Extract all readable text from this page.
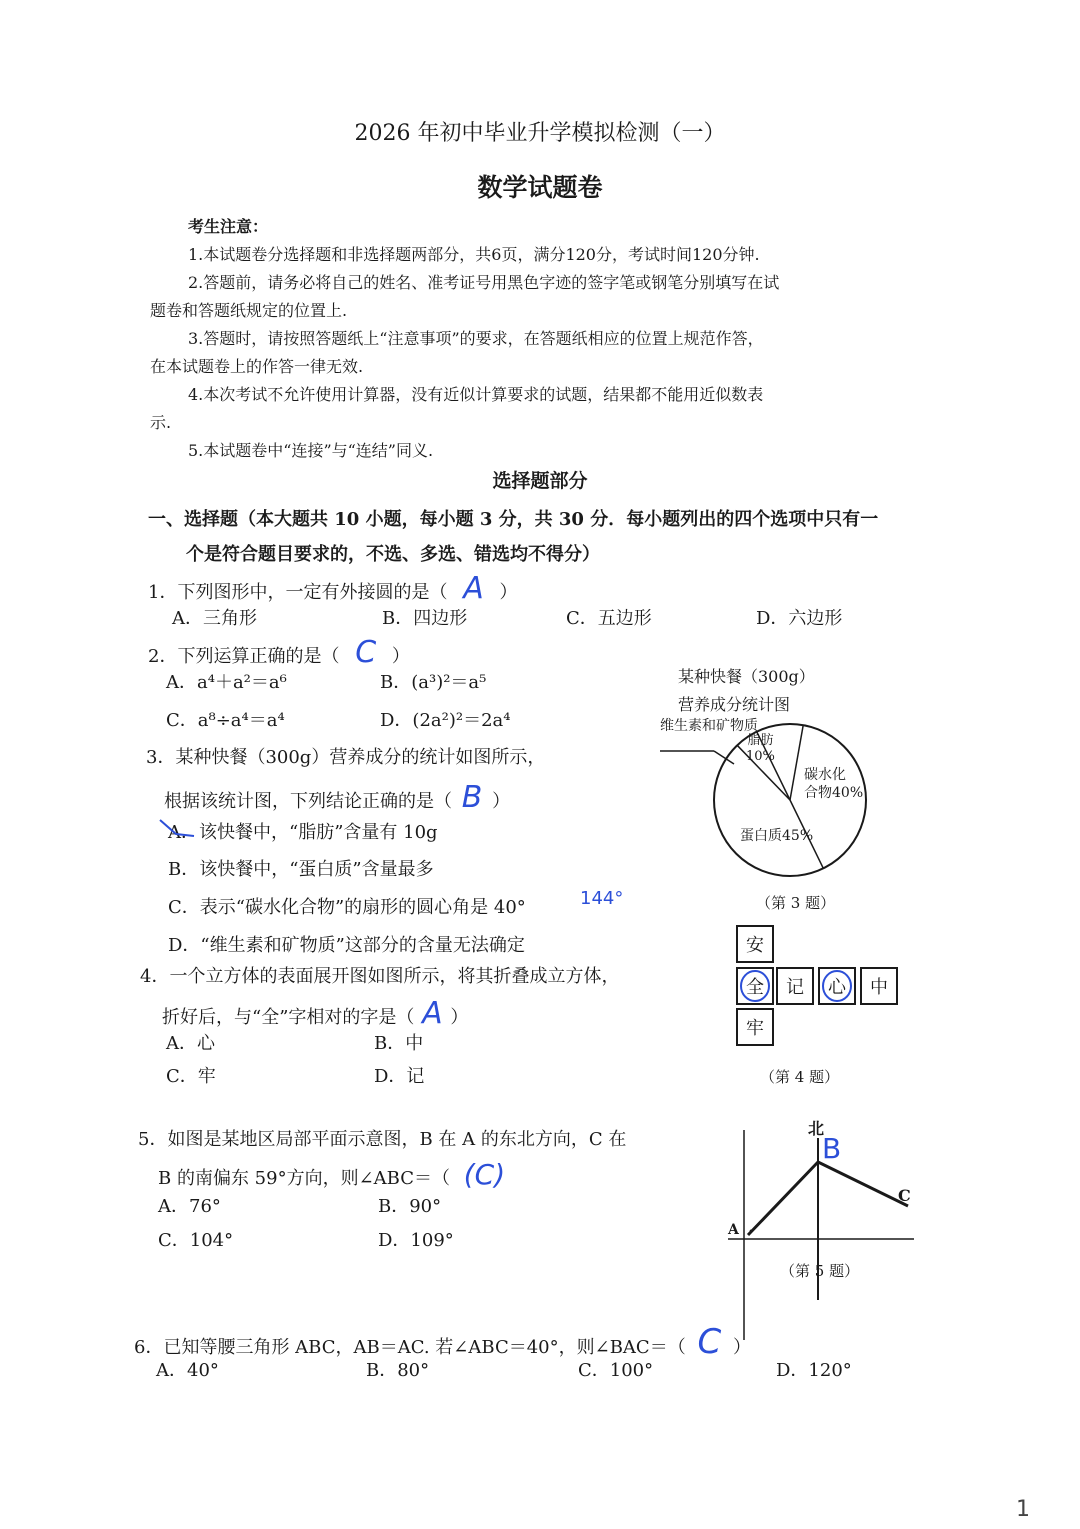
2026 年初中毕业升学模拟检测（一）
数学试题卷
考生注意：
1.本试题卷分选择题和非选择题两部分，共6页，满分120分，考试时间120分钟.
2.答题前，请务必将自己的姓名、准考证号用黑色字迹的签字笔或钢笔分别填写在试
题卷和答题纸规定的位置上.
3.答题时，请按照答题纸上“注意事项”的要求，在答题纸相应的位置上规范作答，
在本试题卷上的作答一律无效.
4.本次考试不允许使用计算器，没有近似计算要求的试题，结果都不能用近似数表
示.
5.本试题卷中“连接”与“连结”同义.
选择题部分
一、选择题（本大题共 10 小题，每小题 3 分，共 30 分．每小题列出的四个选项中只有一
个是符合题目要求的，不选、多选、错选均不得分）
1．下列图形中，一定有外接圆的是（ A ）
A．三角形	B．四边形	C．五边形	D．六边形
2．下列运算正确的是（ C ）
A．a⁴＋a²＝a⁶	B．(a³)²＝a⁵
C．a⁸÷a⁴＝a⁴	D．(2a²)²＝2a⁴
3．某种快餐（300g）营养成分的统计如图所示，
根据该统计图，下列结论正确的是（ B ）
A．该快餐中，“脂肪”含量有 10g
B．该快餐中，“蛋白质”含量最多
C．表示“碳水化合物”的扇形的圆心角是 40°	144°
D．“维生素和矿物质”这部分的含量无法确定
某种快餐（300g）
营养成分统计图
维生素和矿物质
脂肪
10%
碳水化
合物40%
蛋白质45%
（第 3 题）
4．一个立方体的表面展开图如图所示，将其折叠成立方体，
折好后，与“全”字相对的字是（ A ）
A．心	B．中
C．牢	D．记
安
全	记	心	中
牢
（第 4 题）
5．如图是某地区局部平面示意图，B 在 A 的东北方向，C 在
B 的南偏东 59°方向，则∠ABC＝（ (C)
A．76°	B．90°
C．104°	D．109°
北
B
A
C
（第 5 题）
6．已知等腰三角形 ABC，AB＝AC. 若∠ABC＝40°，则∠BAC＝（ C ）
A．40°	B．80°	C．100°	D．120°
1
